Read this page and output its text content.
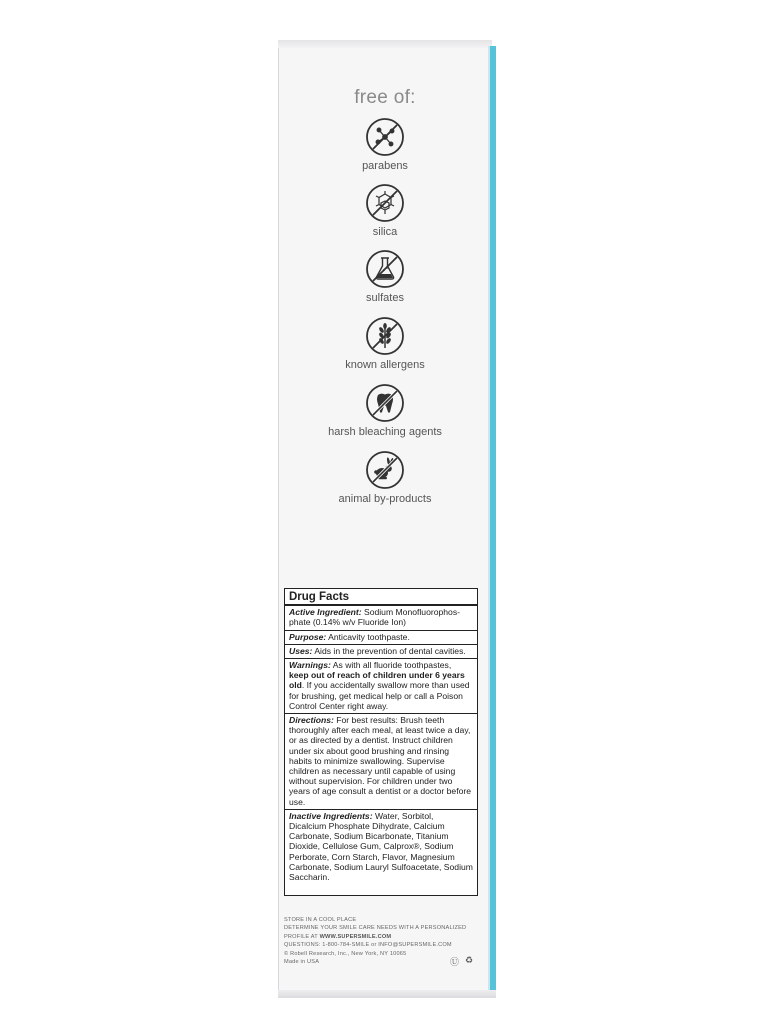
free of:
parabens
silica
sulfates
known allergens
harsh bleaching agents
animal by-products
Drug Facts
Active Ingredient: Sodium Monofluorophos- phate (0.14% w/v Fluoride Ion)
Purpose: Anticavity toothpaste.
Uses: Aids in the prevention of dental cavities.
Warnings: As with all fluoride toothpastes, keep out of reach of children under 6 years old. If you accidentally swallow more than used for brushing, get medical help or call a Poison Control Center right away.
Directions: For best results: Brush teeth thoroughly after each meal, at least twice a day, or as directed by a dentist. Instruct children under six about good brushing and rinsing habits to minimize swallowing. Supervise children as necessary until capable of using without supervision. For children under two years of age consult a dentist or a doctor before use.
Inactive Ingredients: Water, Sorbitol, Dicalcium Phosphate Dihydrate, Calcium Carbonate, Sodium Bicarbonate, Titanium Dioxide, Cellulose Gum, Calprox®, Sodium Perborate, Corn Starch, Flavor, Magnesium Carbonate, Sodium Lauryl Sulfoacetate, Sodium Saccharin.
STORE IN A COOL PLACE
DETERMINE YOUR SMILE CARE NEEDS WITH A PERSONALIZED
PROFILE AT WWW.SUPERSMILE.COM
QUESTIONS: 1-800-784-SMILE or INFO@SUPERSMILE.COM
© Robell Research, Inc., New York, NY 10065
Made in USA	Ⓤ ♻
